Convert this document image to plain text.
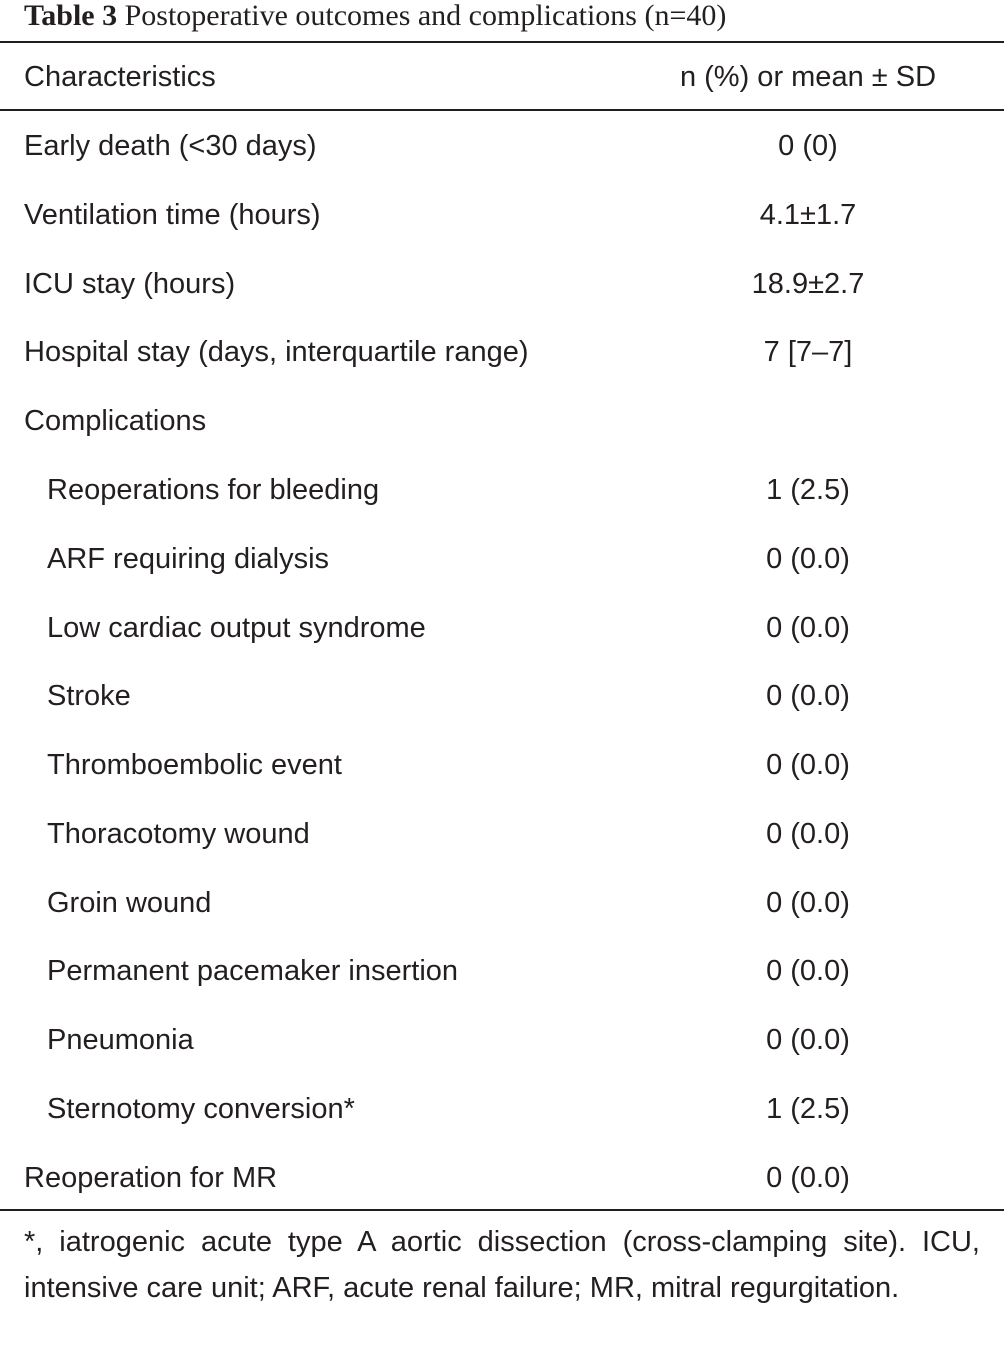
Table 3 Postoperative outcomes and complications (n=40)
Characteristics	n (%) or mean ± SD
Early death (<30 days)	0 (0)
Ventilation time (hours)	4.1±1.7
ICU stay (hours)	18.9±2.7
Hospital stay (days, interquartile range)	7 [7–7]
Complications
Reoperations for bleeding	1 (2.5)
ARF requiring dialysis	0 (0.0)
Low cardiac output syndrome	0 (0.0)
Stroke	0 (0.0)
Thromboembolic event	0 (0.0)
Thoracotomy wound	0 (0.0)
Groin wound	0 (0.0)
Permanent pacemaker insertion	0 (0.0)
Pneumonia	0 (0.0)
Sternotomy conversion*	1 (2.5)
Reoperation for MR	0 (0.0)
*, iatrogenic acute type A aortic dissection (cross-clamping site). ICU, intensive care unit; ARF, acute renal failure; MR, mitral regurgitation.
